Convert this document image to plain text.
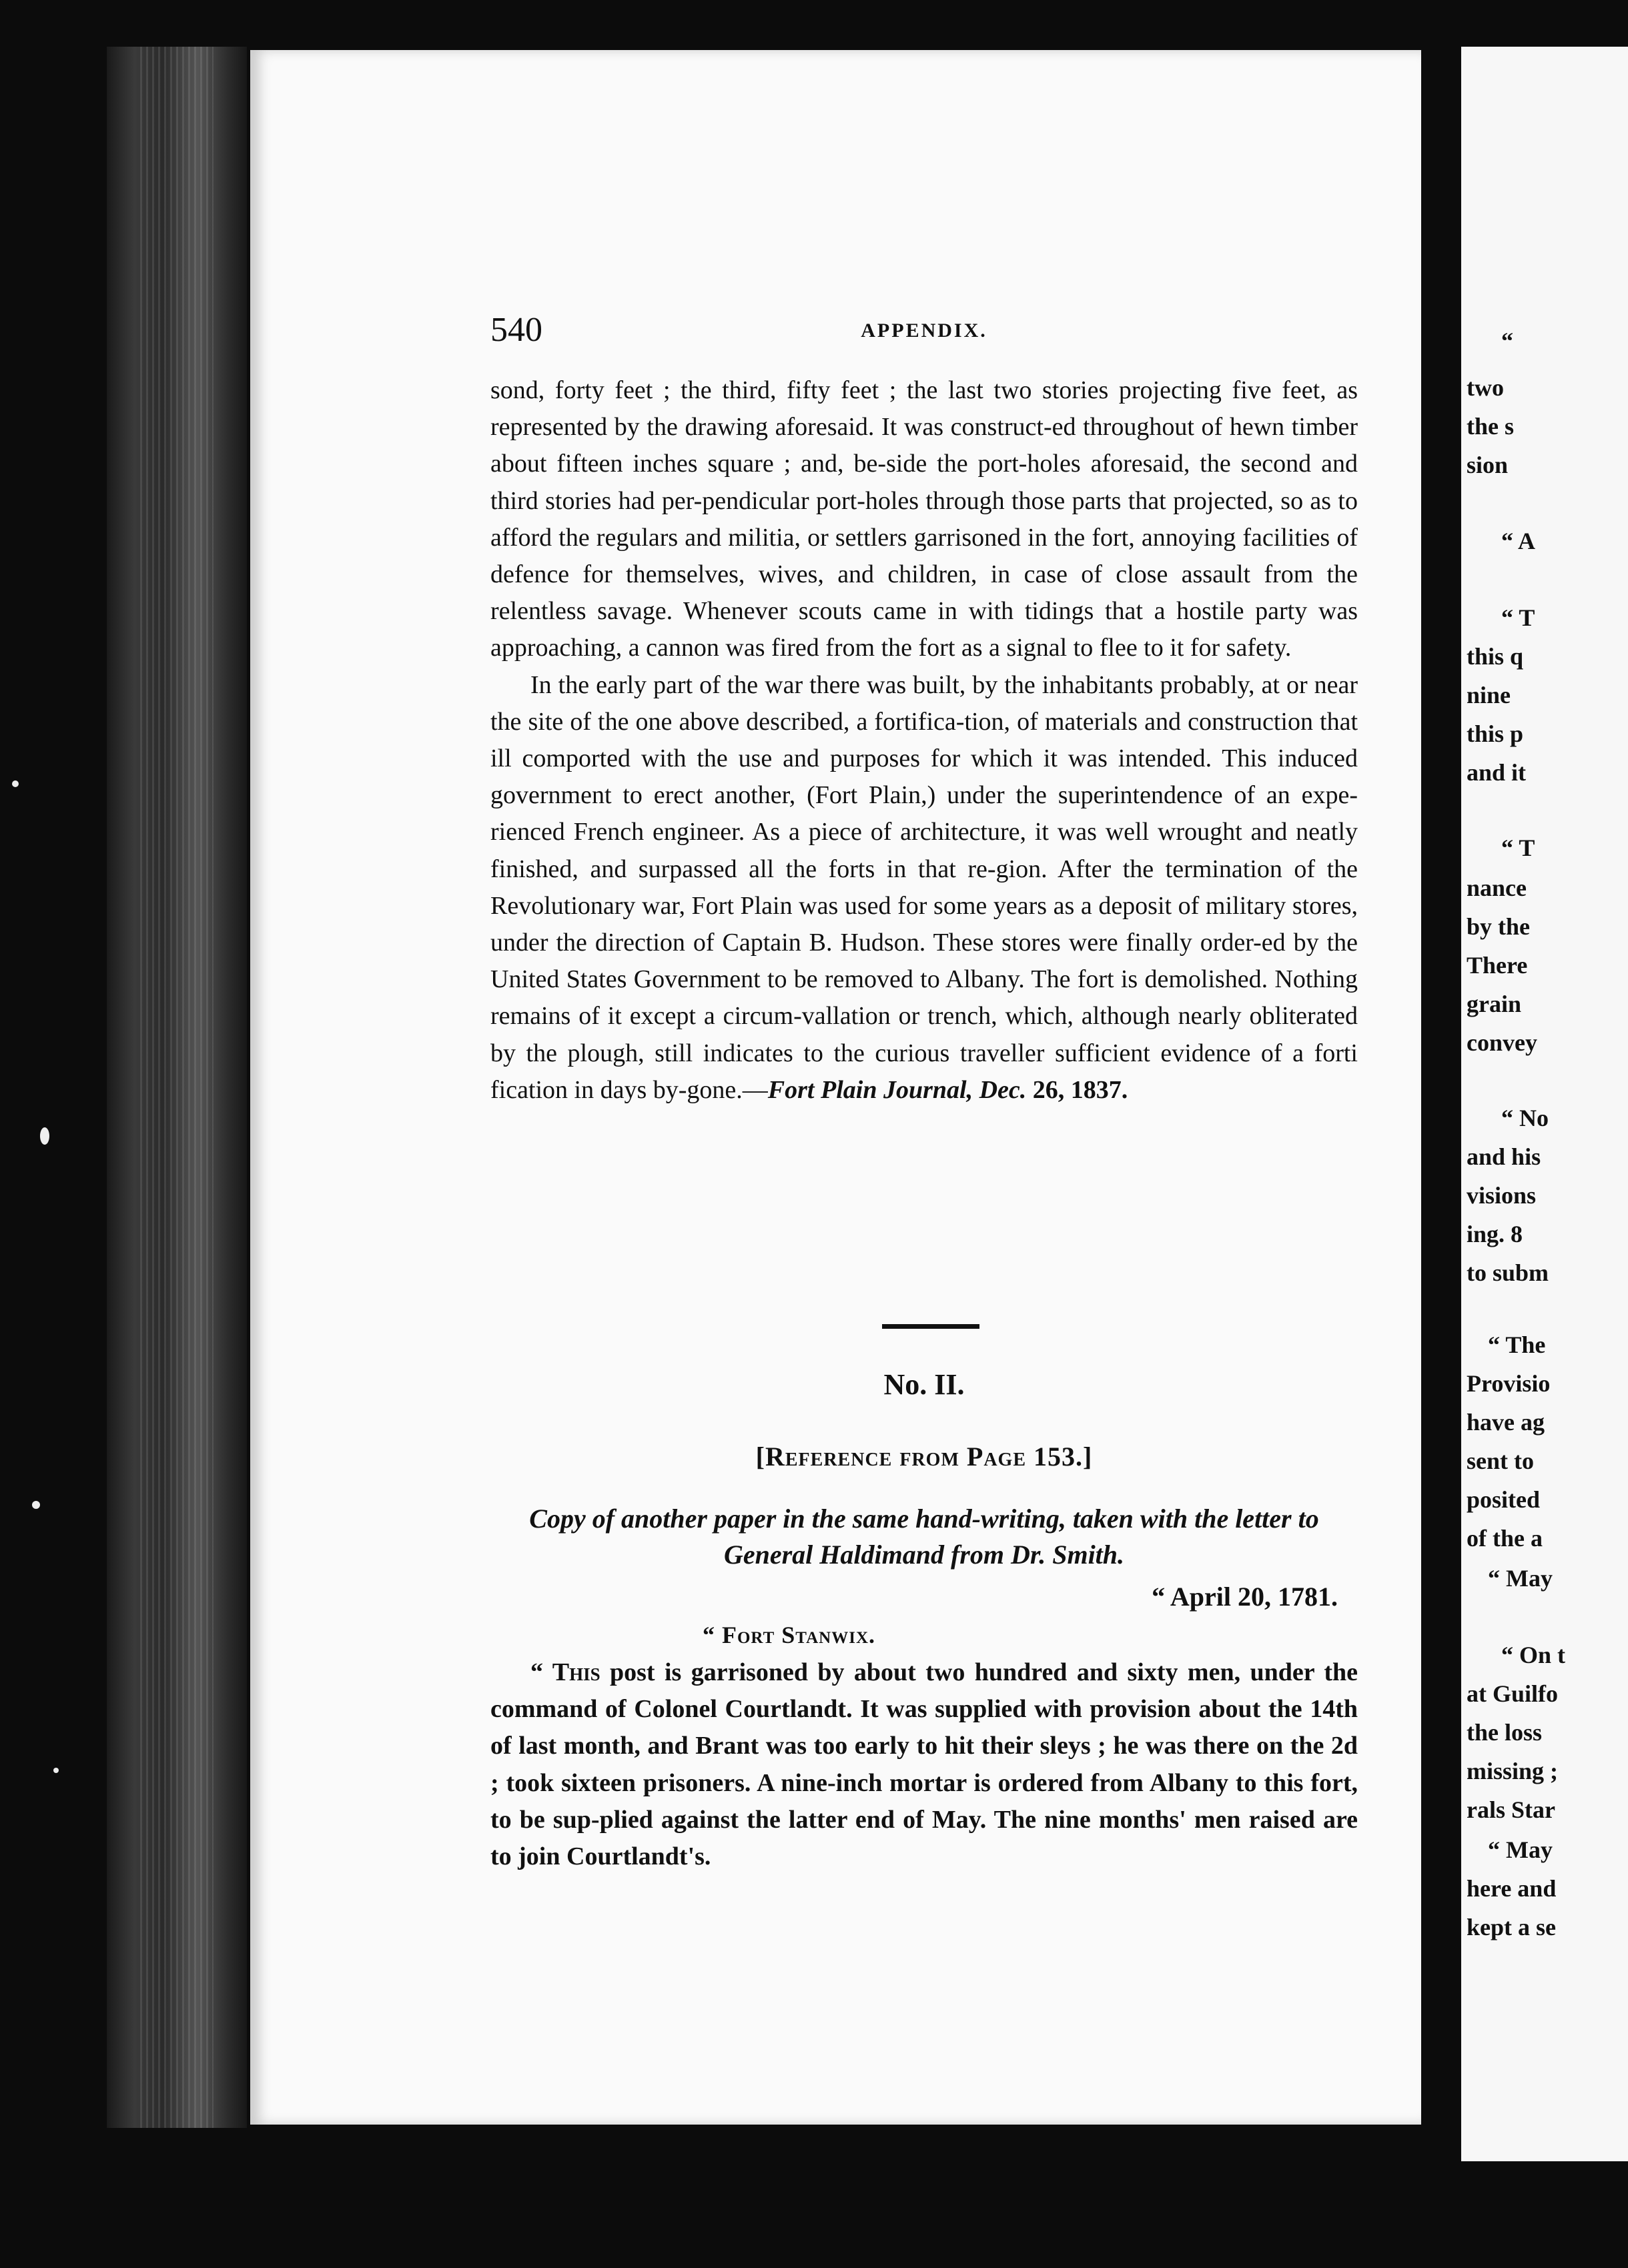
540	APPENDIX.

sond, forty feet ; the third, fifty feet ; the last two stories projecting five feet, as represented by the drawing aforesaid. It was construct-ed throughout of hewn timber about fifteen inches square ; and, be-side the port-holes aforesaid, the second and third stories had per-pendicular port-holes through those parts that projected, so as to afford the regulars and militia, or settlers garrisoned in the fort, annoying facilities of defence for themselves, wives, and children, in case of close assault from the relentless savage. Whenever scouts came in with tidings that a hostile party was approaching, a cannon was fired from the fort as a signal to flee to it for safety.

In the early part of the war there was built, by the inhabitants probably, at or near the site of the one above described, a fortifica-tion, of materials and construction that ill comported with the use and purposes for which it was intended. This induced government to erect another, (Fort Plain,) under the superintendence of an expe-rienced French engineer. As a piece of architecture, it was well wrought and neatly finished, and surpassed all the forts in that re-gion. After the termination of the Revolutionary war, Fort Plain was used for some years as a deposit of military stores, under the direction of Captain B. Hudson. These stores were finally order-ed by the United States Government to be removed to Albany. The fort is demolished. Nothing remains of it except a circum-vallation or trench, which, although nearly obliterated by the plough, still indicates to the curious traveller sufficient evidence of a forti fication in days by-gone.—Fort Plain Journal, Dec. 26, 1837.

No. II.
[Reference from Page 153.]
Copy of another paper in the same hand-writing, taken with the letter to
General Haldimand from Dr. Smith.
“ April 20, 1781.
“ Fort Stanwix.

“ This post is garrisoned by about two hundred and sixty men, under the command of Colonel Courtlandt. It was supplied with provision about the 14th of last month, and Brant was too early to hit their sleys ; he was there on the 2d ; took sixteen prisoners. A nine-inch mortar is ordered from Albany to this fort, to be sup-plied against the latter end of May. The nine months' men raised are to join Courtlandt's.

“
two
the s
sion
“ A
“ T
this q
nine
this p
and it
“ T
nance
by the
There
grain
convey
“ No
and his
visions
ing. 8
to subm
“ The
Provisio
have ag
sent to
posited
of the a
“ May
“ On t
at Guilfo
the loss
missing ;
rals Star
“ May
here and
kept a se
